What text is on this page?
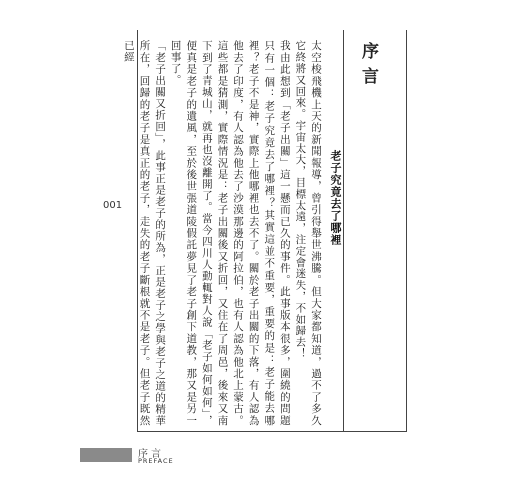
序言
老子究竟去了哪裡

太空梭飛機上天的新聞報導，曾引得舉世沸騰。但大家都知道，過不了多久它終將又回來。宇宙太大，目標太遠，注定會迷失，不如歸去！

我由此想到「老子出關」這一懸而已久的事件。此事版本很多，圍繞的問題只有一個：老子究竟去了哪裡？其實這並不重要，重要的是：老子能去哪裡？老子不是神，實際上他哪裡也去不了。關於老子出關的下落，有人認為他去了印度，有人認為他去了沙漠那邊的阿拉伯，也有人認為他北上蒙古。這些都是猜測，實際情況是：老子出關後又折回，又住在了周邑，後來又南下到了青城山，就再也沒離開了。當今四川人動輒對人說「老子如何如何」，便真是老子的遺風，至於後世張道陵假託夢見了老子創下道教，那又是另一回事了。

「老子出關又折回」，此事正是老子的所為，正是老子之學與老子之道的精華所在，回歸的老子是真正的老子，走失的老子斷根就不是老子。但老子既然已經

001
序言
PREFACE
